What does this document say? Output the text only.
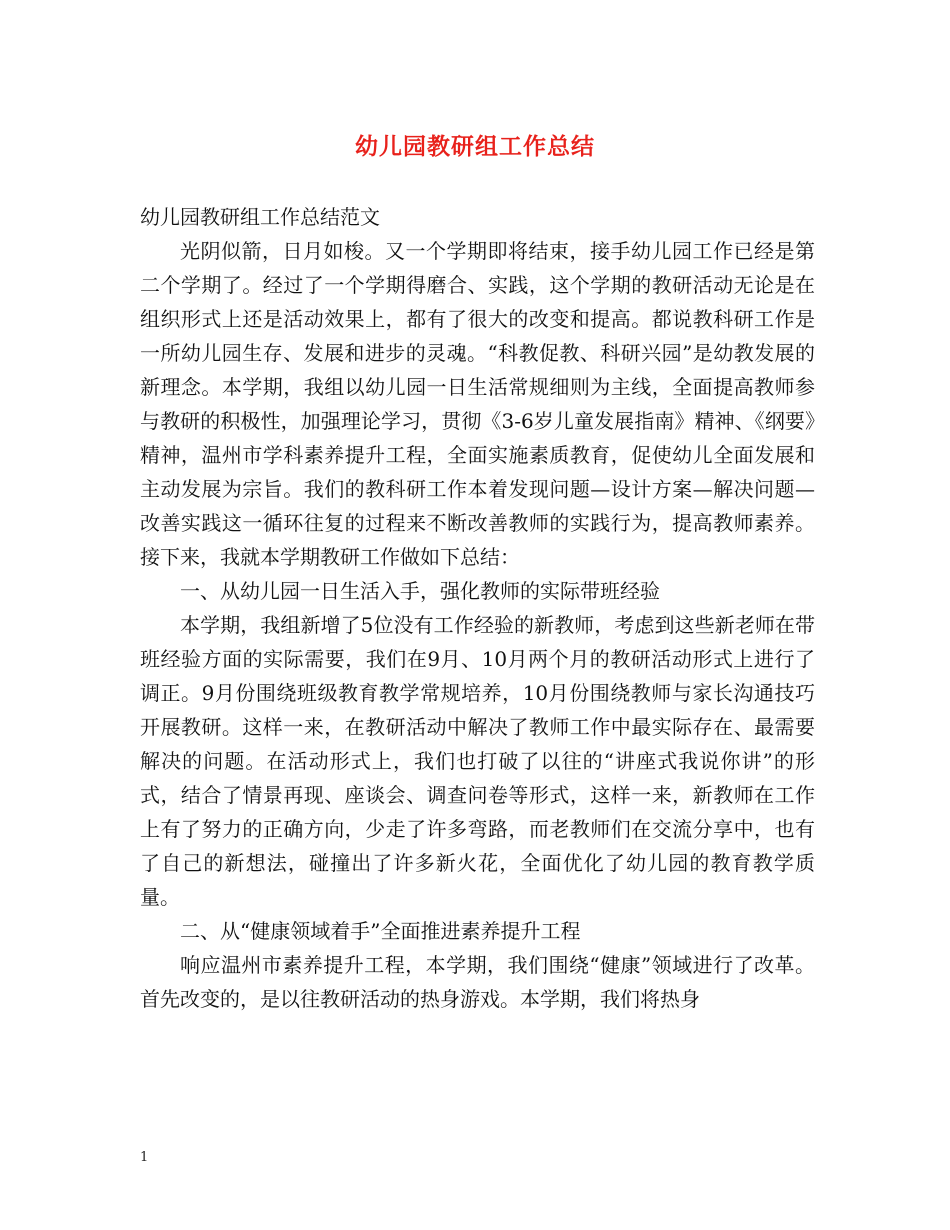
幼儿园教研组工作总结

幼儿园教研组工作总结范文

光阴似箭，日月如梭。又一个学期即将结束，接手幼儿园工作已经是第二个学期了。经过了一个学期得磨合、实践，这个学期的教研活动无论是在组织形式上还是活动效果上，都有了很大的改变和提高。都说教科研工作是一所幼儿园生存、发展和进步的灵魂。“科教促教、科研兴园”是幼教发展的新理念。本学期，我组以幼儿园一日生活常规细则为主线，全面提高教师参与教研的积极性，加强理论学习，贯彻《3-6岁儿童发展指南》精神、《纲要》精神，温州市学科素养提升工程，全面实施素质教育，促使幼儿全面发展和主动发展为宗旨。我们的教科研工作本着发现问题—设计方案—解决问题—改善实践这一循环往复的过程来不断改善教师的实践行为，提高教师素养。接下来，我就本学期教研工作做如下总结：

一、从幼儿园一日生活入手，强化教师的实际带班经验

本学期，我组新增了5位没有工作经验的新教师，考虑到这些新老师在带班经验方面的实际需要，我们在9月、10月两个月的教研活动形式上进行了调正。9月份围绕班级教育教学常规培养，10月份围绕教师与家长沟通技巧开展教研。这样一来，在教研活动中解决了教师工作中最实际存在、最需要解决的问题。在活动形式上，我们也打破了以往的“讲座式我说你讲”的形式，结合了情景再现、座谈会、调查问卷等形式，这样一来，新教师在工作上有了努力的正确方向，少走了许多弯路，而老教师们在交流分享中，也有了自己的新想法，碰撞出了许多新火花，全面优化了幼儿园的教育教学质量。

二、从“健康领域着手”全面推进素养提升工程

响应温州市素养提升工程，本学期，我们围绕“健康”领域进行了改革。首先改变的，是以往教研活动的热身游戏。本学期，我们将热身

1
